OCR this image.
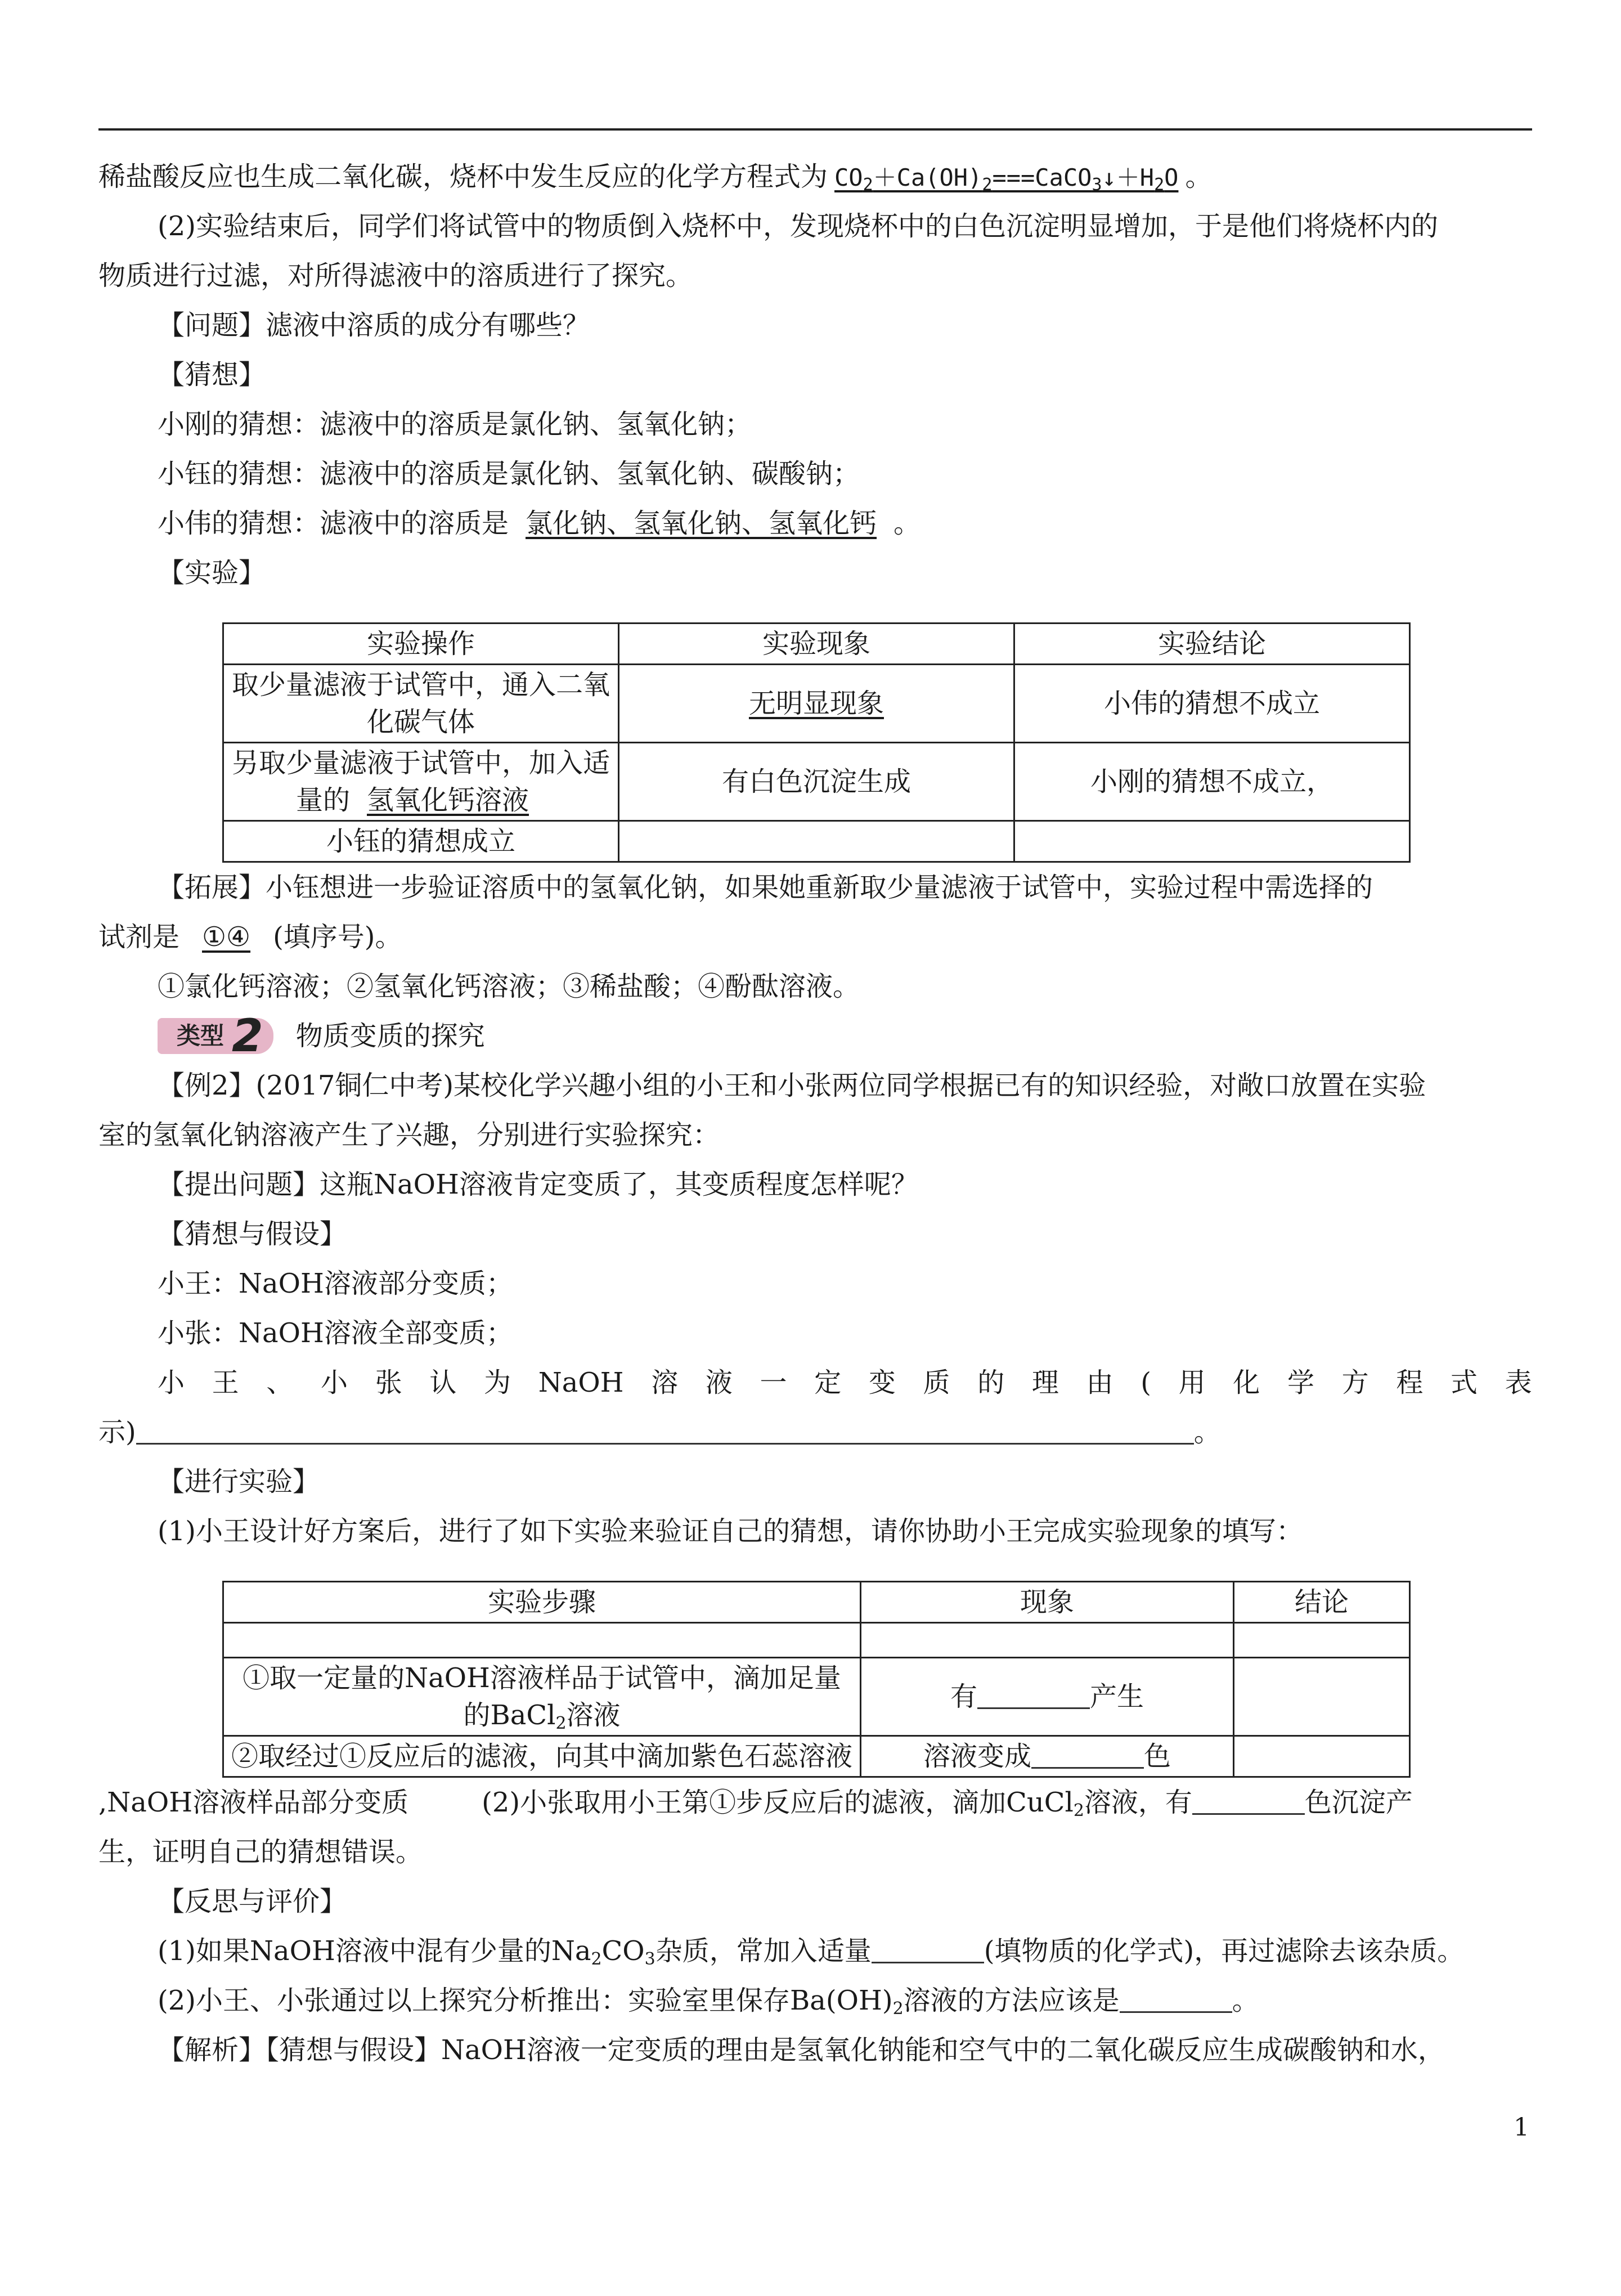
稀盐酸反应也生成二氧化碳，烧杯中发生反应的化学方程式为 $CO_2+Ca(OH)_2===CaCO_3↓+H_2O$ 。
(2)实验结束后，同学们将试管中的物质倒入烧杯中，发现烧杯中的白色沉淀明显增加，于是他们将烧杯内的
物质进行过滤，对所得滤液中的溶质进行了探究。
【问题】滤液中溶质的成分有哪些？
【猜想】
小刚的猜想：滤液中的溶质是氯化钠、氢氧化钠；
小钰的猜想：滤液中的溶质是氯化钠、氢氧化钠、碳酸钠；
小伟的猜想：滤液中的溶质是 氯化钠、氢氧化钠、氢氧化钙 。
【实验】
实验操作	实验现象	实验结论
取少量滤液于试管中，通入二氧化碳气体	无明显现象	小伟的猜想不成立
另取少量滤液于试管中，加入适量的 氢氧化钙溶液	有白色沉淀生成	小刚的猜想不成立，
小钰的猜想成立		
【拓展】小钰想进一步验证溶质中的氢氧化钠，如果她重新取少量滤液于试管中，实验过程中需选择的
试剂是 ①④ (填序号)。
①氯化钙溶液；②氢氧化钙溶液；③稀盐酸；④酚酞溶液。
类型 2 物质变质的探究
【例2】(2017铜仁中考)某校化学兴趣小组的小王和小张两位同学根据已有的知识经验，对敞口放置在实验
室的氢氧化钠溶液产生了兴趣，分别进行实验探究：
【提出问题】这瓶NaOH溶液肯定变质了，其变质程度怎样呢？
【猜想与假设】
小王：NaOH溶液部分变质；
小张：NaOH溶液全部变质；
小 王 、 小 张 认 为 NaOH 溶 液 一 定 变 质 的 理 由 ( 用 化 学 方 程 式 表
示)	。
【进行实验】
(1)小王设计好方案后，进行了如下实验来验证自己的猜想，请你协助小王完成实验现象的填写：
实验步骤	现象	结论

①取一定量的NaOH溶液样品于试管中，滴加足量的BaCl$_2$溶液	有 产生	
②取经过①反应后的滤液，向其中滴加紫色石蕊溶液	溶液变成 色	
,NaOH溶液样品部分变质	(2)小张取用小王第①步反应后的滤液，滴加CuCl$_2$溶液，有	色沉淀产
生，证明自己的猜想错误。
【反思与评价】
(1)如果NaOH溶液中混有少量的$Na_2CO_3$杂质，常加入适量	(填物质的化学式)，再过滤除去该杂质。
(2)小王、小张通过以上探究分析推出：实验室里保存$Ba(OH)_2$溶液的方法应该是	。
【解析】【猜想与假设】NaOH溶液一定变质的理由是氢氧化钠能和空气中的二氧化碳反应生成碳酸钠和水，
1
